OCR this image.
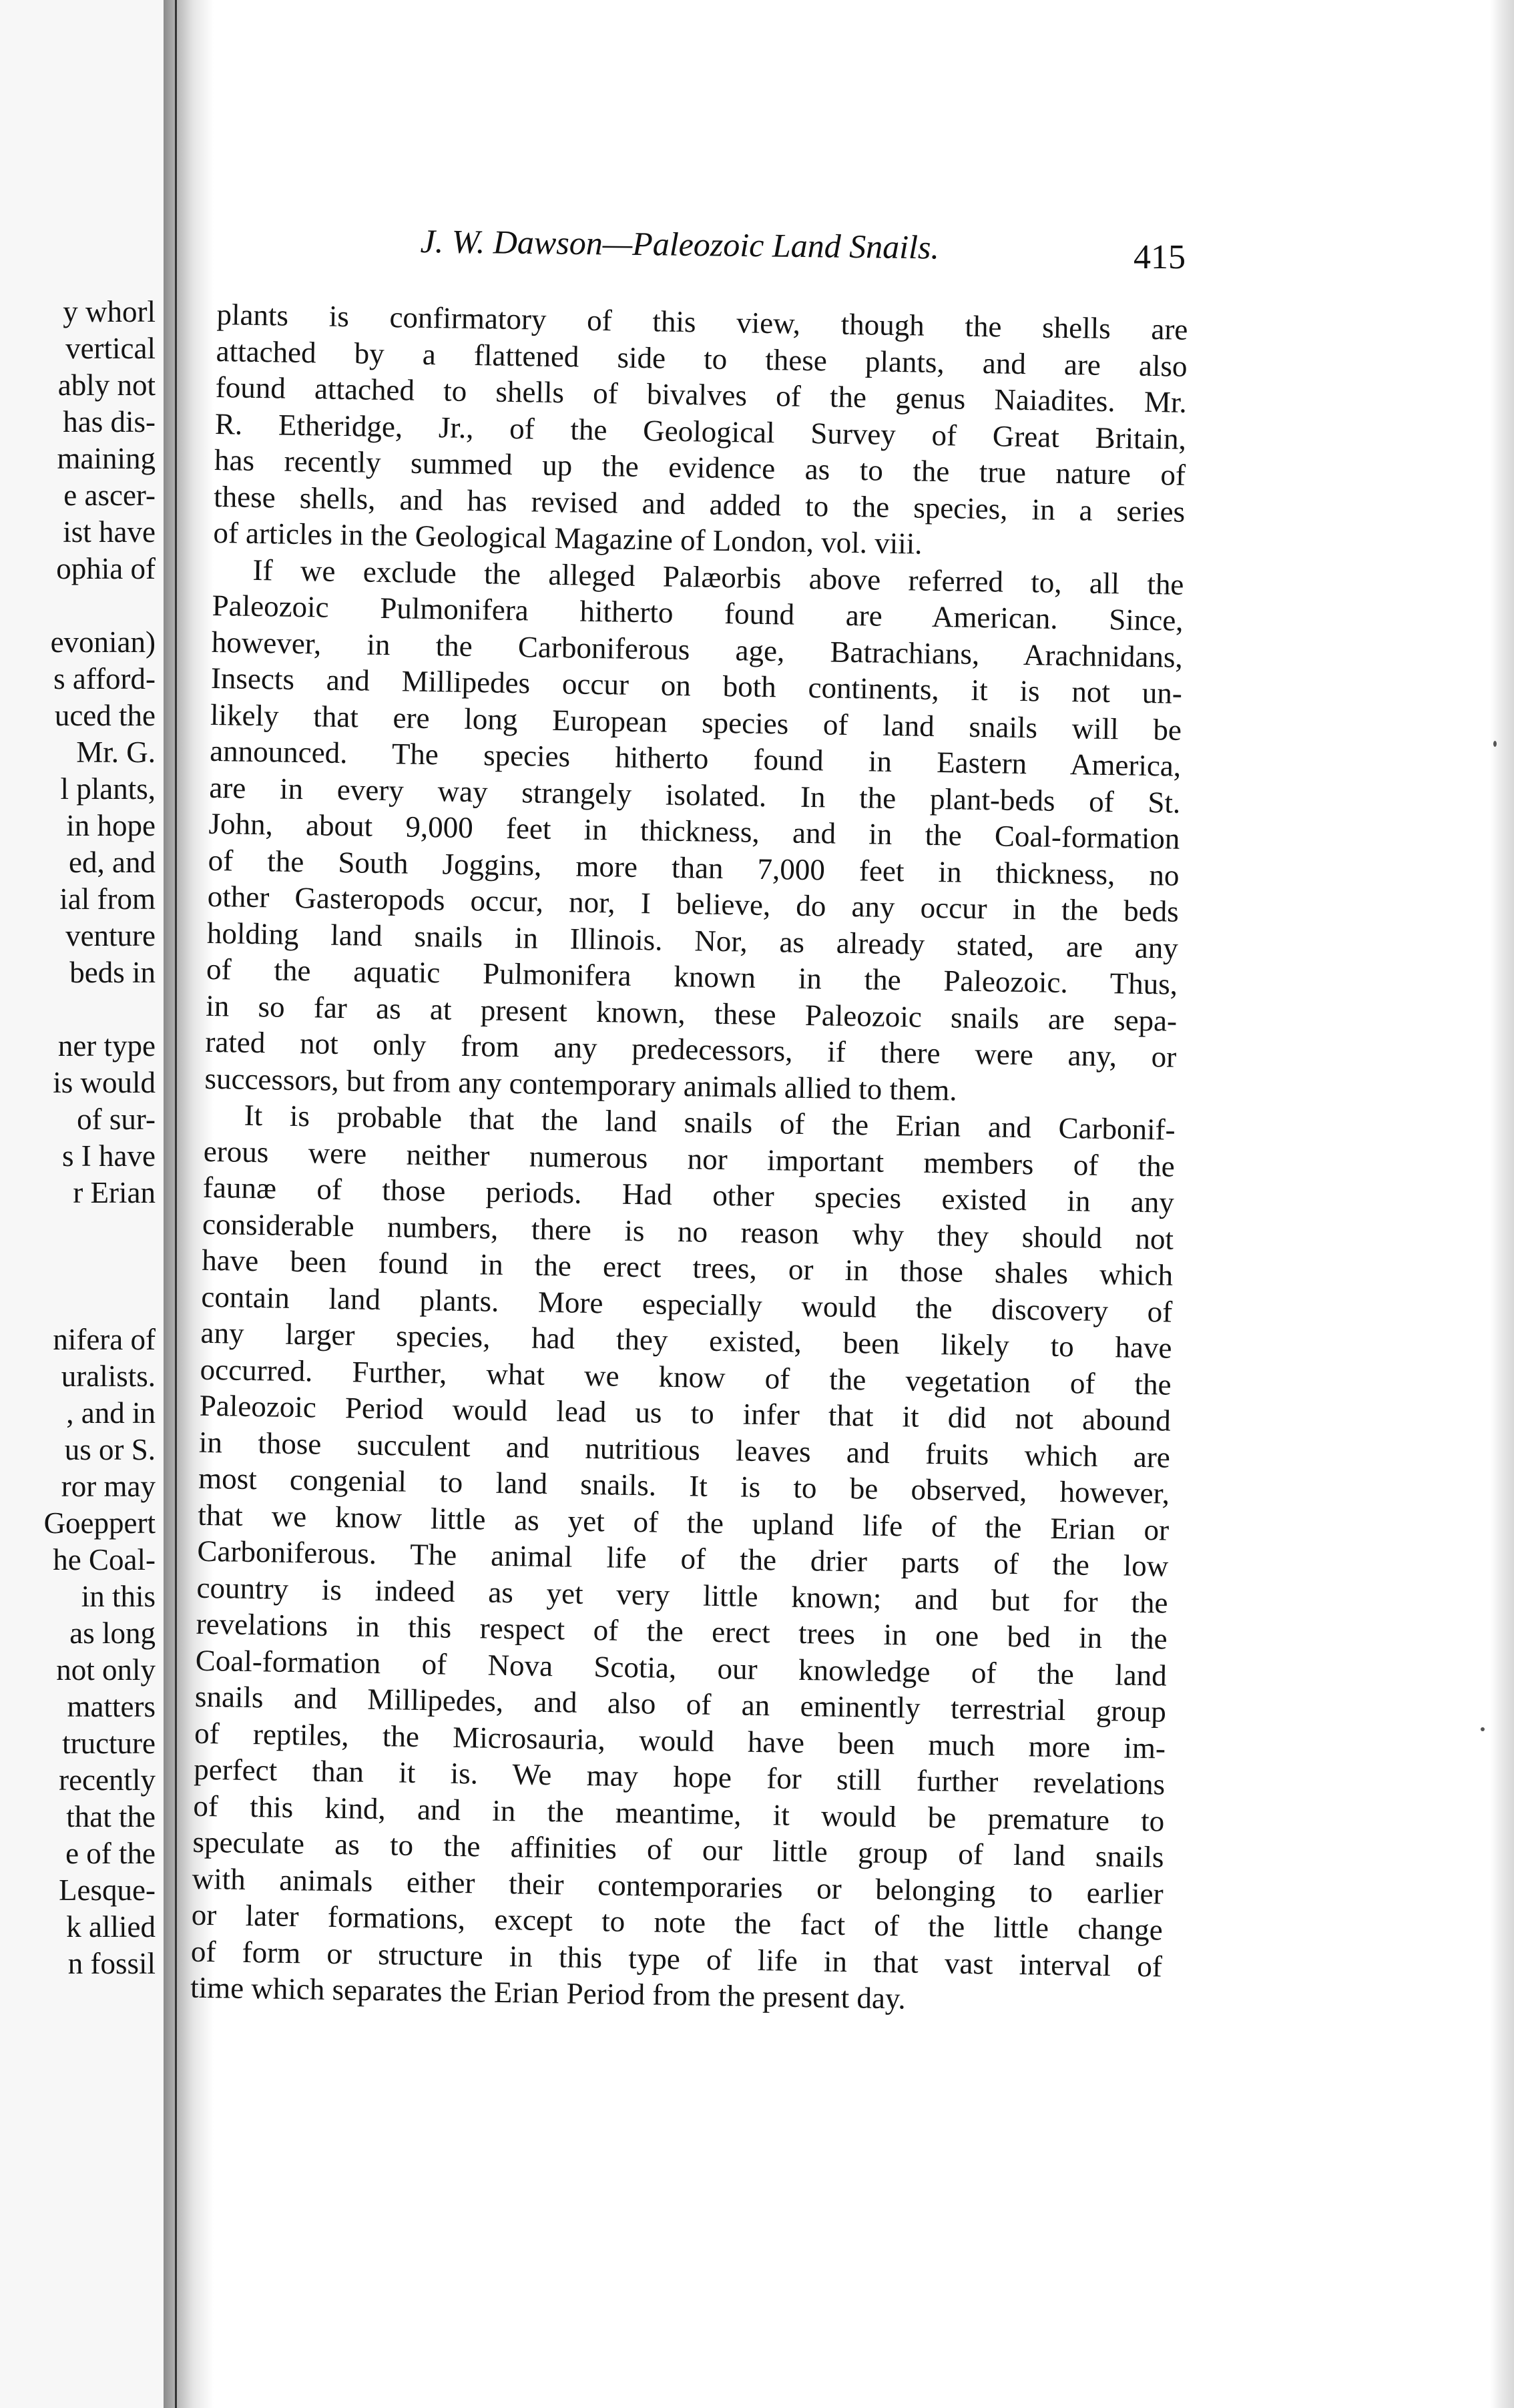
y whorl
vertical
ably not
has dis-
maining
e ascer-
ist have
ophia of

evonian)
s afford-
uced the
Mr. G.
l plants,
in hope
ed, and
ial from
venture
beds in

ner type
is would
of sur-
s I have
r Erian

nifera of
uralists.
, and in
us or S.
ror may
Goeppert
he Coal-
in this
as long
not only
matters
tructure
recently
that the
e of the
Lesque-
k allied
n fossil
J. W. Dawson—Paleozoic Land Snails.	415
plants is confirmatory of this view, though the shells are
attached by a flattened side to these plants, and are also
found attached to shells of bivalves of the genus Naiadites. Mr.
R. Etheridge, Jr., of the Geological Survey of Great Britain,
has recently summed up the evidence as to the true nature of
these shells, and has revised and added to the species, in a series
of articles in the Geological Magazine of London, vol. viii.
If we exclude the alleged Palæorbis above referred to, all the
Paleozoic Pulmonifera hitherto found are American. Since,
however, in the Carboniferous age, Batrachians, Arachnidans,
Insects and Millipedes occur on both continents, it is not un-
likely that ere long European species of land snails will be
announced. The species hitherto found in Eastern America,
are in every way strangely isolated. In the plant-beds of St.
John, about 9,000 feet in thickness, and in the Coal-formation
of the South Joggins, more than 7,000 feet in thickness, no
other Gasteropods occur, nor, I believe, do any occur in the beds
holding land snails in Illinois. Nor, as already stated, are any
of the aquatic Pulmonifera known in the Paleozoic. Thus,
in so far as at present known, these Paleozoic snails are sepa-
rated not only from any predecessors, if there were any, or
successors, but from any contemporary animals allied to them.
It is probable that the land snails of the Erian and Carbonif-
erous were neither numerous nor important members of the
faunæ of those periods. Had other species existed in any
considerable numbers, there is no reason why they should not
have been found in the erect trees, or in those shales which
contain land plants. More especially would the discovery of
any larger species, had they existed, been likely to have
occurred. Further, what we know of the vegetation of the
Paleozoic Period would lead us to infer that it did not abound
in those succulent and nutritious leaves and fruits which are
most congenial to land snails. It is to be observed, however,
that we know little as yet of the upland life of the Erian or
Carboniferous. The animal life of the drier parts of the low
country is indeed as yet very little known; and but for the
revelations in this respect of the erect trees in one bed in the
Coal-formation of Nova Scotia, our knowledge of the land
snails and Millipedes, and also of an eminently terrestrial group
of reptiles, the Microsauria, would have been much more im-
perfect than it is. We may hope for still further revelations
of this kind, and in the meantime, it would be premature to
speculate as to the affinities of our little group of land snails
with animals either their contemporaries or belonging to earlier
or later formations, except to note the fact of the little change
of form or structure in this type of life in that vast interval of
time which separates the Erian Period from the present day.
